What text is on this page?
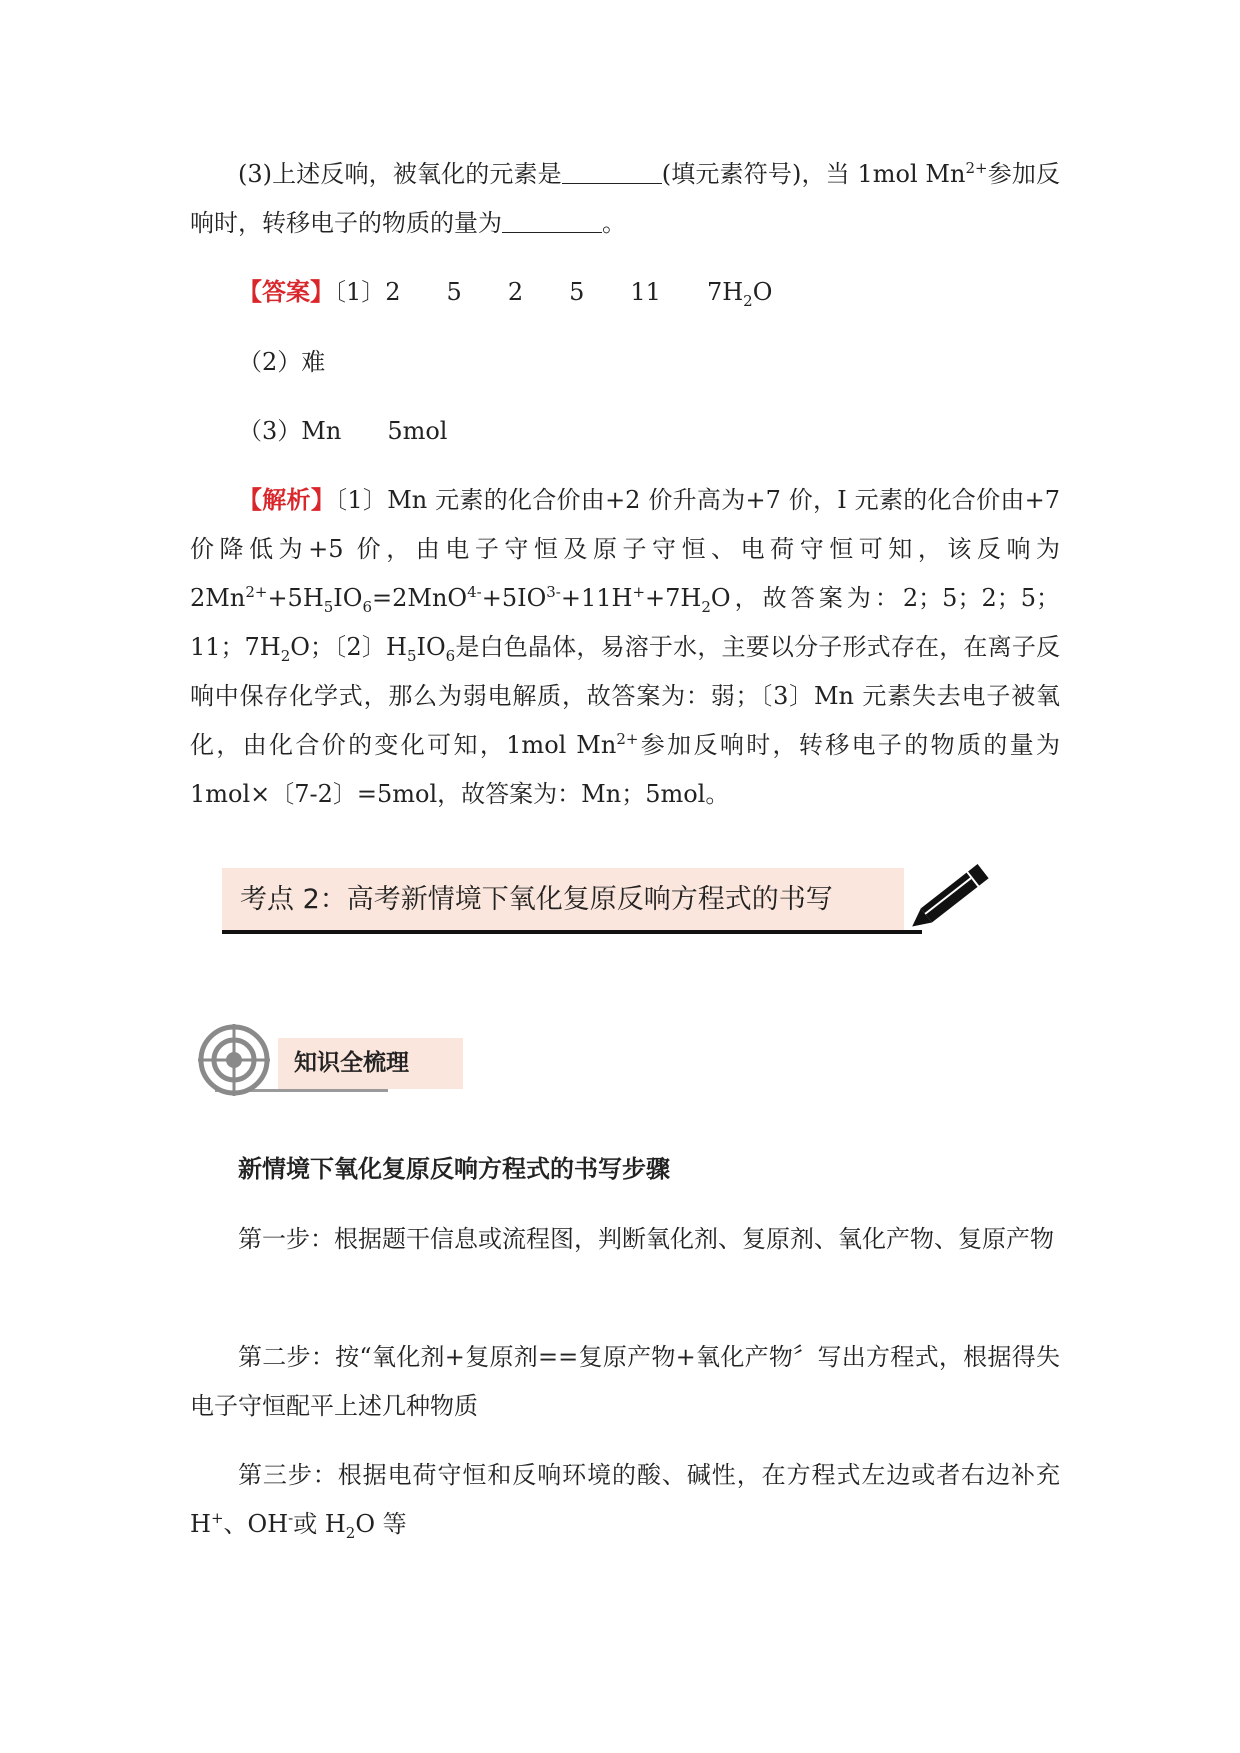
(3)上述反响，被氧化的元素是	(填元素符号)，当 1mol $Mn^{2+}$参加反响时，转移电子的物质的量为	。

【答案】〔1〕2 5 2 5 11 $7H_2O$

（2）难

（3）Mn 5mol

【解析】〔1〕Mn 元素的化合价由+2 价升高为+7 价，I 元素的化合价由+7 价降低为+5 价，由电子守恒及原子守恒、电荷守恒可知，该反响为 $2Mn^{2+}+5H_5IO_6=2MnO^{4-}+5IO^{3-}+11H^++7H_2O$，故答案为：2；5；2；5；11；$7H_2O$；〔2〕$H_5IO_6$是白色晶体，易溶于水，主要以分子形式存在，在离子反响中保存化学式，那么为弱电解质，故答案为：弱；〔3〕Mn 元素失去电子被氧化，由化合价的变化可知，1mol $Mn^{2+}$参加反响时，转移电子的物质的量为 1mol×〔7-2〕=5mol，故答案为：Mn；5mol。

考点 2：高考新情境下氧化复原反响方程式的书写
知识全梳理

新情境下氧化复原反响方程式的书写步骤

第一步：根据题干信息或流程图，判断氧化剂、复原剂、氧化产物、复原产物

第二步：按“氧化剂+复原剂==复原产物+氧化产物〞写出方程式，根据得失电子守恒配平上述几种物质

第三步：根据电荷守恒和反响环境的酸、碱性，在方程式左边或者右边补充 H+、OH-或 $H_2O$ 等
